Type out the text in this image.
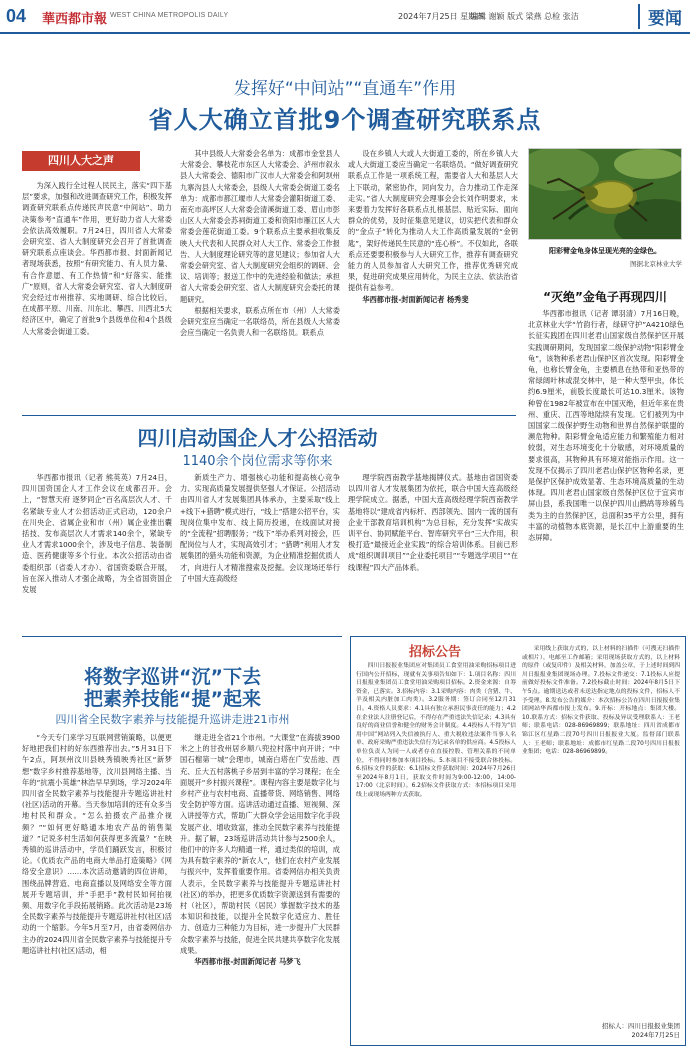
04 華西都市報 WEST CHINA METROPOLIS DAILY	2024年7月25日 星期四
编辑 谢颖 版式 梁燕 总检 张洁	要闻
发挥好“中间站”“直通车”作用
省人大确立首批9个调查研究联系点
四川人大之声

为深入践行全过程人民民主，落实“四下基层”要求，加强和改进调查研究工作，积极发挥调查研究联系点传递民声民意“中间站”、助力决策参考“直通车”作用，更好助力省人大常委会依法高效履职。7月24日，四川省人大常委会研究室、省人大制度研究会召开了首批调查研究联系点座谈会。华西都市报、封面新闻记者现场获悉，按照“有研究能力、有人员力量、有合作意愿、有工作热情”和“好落实、能推广”原则，省人大常委会研究室、省人大制度研究会经过市州推荐、实地调研、综合比较后，在成都平原、川南、川东北、攀西、川西北5大经济区中，确定了首批9个县级单位和4个县级人大常委会街道工委。

其中县级人大常委会名单为：成都市金堂县人大常委会、攀枝花市东区人大常委会、泸州市叙永县人大常委会、德阳市广汉市人大常委会和阿坝州九寨沟县人大常委会，县级人大常委会街道工委名单为：成都市都江堰市人大常委会灌阳街道工委、南充市高坪区人大常委会清溪街道工委、眉山市彭山区人大常委会苏祠街道工委和资阳市雁江区人大常委会莲花街道工委。9个联系点主要承担收集反映人大代表和人民群众对人大工作、常委会工作报告、人大制度理论研究等的意见建议；参加省人大常委会研究室、省人大制度研究会组织的调研、会议、培训等；报送工作中的先进经验和做法；承担省人大常委会研究室、省人大制度研究会委托的课题研究。

根据相关要求，联系点所在市（州）人大常委会研究室应当确定一名联络员，所在县级人大常委会应当确定一名负责人和一名联络员。联系点

设在乡镇人大或人大街道工委的，所在乡镇人大或人大街道工委应当确定一名联络员。“做好调查研究联系点工作是一项系统工程，需要省人大和基层人大上下联动，紧密协作，同向发力，合力推动工作走深走实。”省人大制度研究会理事会会长刘作明要求，未来要着力发挥好各联系点扎根基层、贴近实际、面向群众的优势，及时征集意见建议，切实把代表和群众的“金点子”转化为推动人大工作高质量发展的“金钥匙”，架好传递民生民意的“连心桥”。不仅如此，各联系点还要要积极参与人大研究工作，推荐有调查研究能力的人员参加省人大研究工作，推荐优秀研究成果，促进研究成果应用转化，为民主立法、依法治省提供有益参考。

华西都市报-封面新闻记者 杨秀斐

阳彩臂金龟身体呈现光亮的金绿色。
图据北京林业大学
“灭绝”金龟子再现四川

华西都市报讯（记者 谭羽清）7月16日晚，北京林业大学“竹韵行者，绿研守护”A4210绿色长征实践团在四川老君山国家级自然保护区开展实践调研期间，发现国家二级保护动物“阳彩臂金龟”，该物种系老君山保护区首次发现。阳彩臂金龟，也称长臂金龟，主要栖息在热带和亚热带的常绿阔叶林或混交林中，是一种大型甲虫，体长约6.9厘米，前股长度最长可达10.3厘米。该物种曾在1982年被宣布在中国灭绝，但近年来在贵州、重庆、江西等地陆续有发现。它们被列为中国国家二级保护野生动物和世界自然保护联盟的濒危物种。阳彩臂金龟适应能力和繁殖能力相对较弱，对生态环境变化十分敏感，对环境质量的要求很高，其物种具有环境对能指示作用。这一发现不仅揭示了四川老君山保护区物种名录，更是保护区保护成效显著、生态环境高质量的生动体现。四川老君山国家级自然保护区位于宜宾市屏山县，系我国唯一以保护四川山鹧鸪等珍稀鸟类为主的自然保护区，总面积35平方公里，拥有丰富的动植物本底资源，是长江中上游重要的生态屏障。

四川启动国企人才公招活动
1140余个岗位需求等你来

华西都市报讯（记者 熊英英）7月24日，四川国资国企人才工作会议在成都召开。会上，“智慧天府 逐梦同企”百名高层次人才、千名紧缺专业人才公招活动正式启动，120余户在川央企、省属企业和市（州）属企业推出囊括技、发布高层次人才需求140余个，紧缺专业人才需求1000余个，涉及电子信息、装备制造、医药健康等多个行业。本次公招活动由省委组织部（省委人才办）、省国资委联合开展，旨在深入推动人才强企战略，为全省国资国企发展

新质生产力、增强核心功能和提高核心竞争力、实现高质量发展提供坚强人才保证。公招活动由四川省人才发展集团具体承办，主要采取“线上+线下+猎聘”模式进行，“线上”搭建公招平台，实现岗位集中发布、线上简历投递，在线面试对接的“全流程”招聘服务；“线下”举办系列对接会，匹配岗位与人才，实现高效引才；“猎聘”利用人才发展集团的猎头功能和资源，为企业精准挖掘优质人才，向进行人才精准搜索及挖掘。会议现场还举行了中国大连高级经

理学院西南教学基地揭牌仪式。基地由省国资委以四川省人才发展集团为依托，联合中国大连高级经理学院成立。据悉，中国大连高级经理学院西南教学基地将以“建成省内标杆、西部领先、国内一流的国有企业干部教育培训机构”为总目标，充分发挥“实战实训平台、协同赋能平台、智库研究平台”三大作用，积极打造“最接近企业实践”的综合培训体系。目前已形成“组织调训项目”“企业委托项目”“专题选学项目”“在线课程”四大产品体系。

将数字巡讲“沉”下去
把素养技能“提”起来
四川省全民数字素养与技能提升巡讲走进21市州

“今天专门来学习互联网营销策略，以便更好地把我们村的好东西推荐出去。”5月31日下午2点，阿坝州汶川县映秀镇映秀社区“新梦想”数字乡村推荐基地等，汶川县网络主播、当年的“抗震小英雄”林浩早早到场，学习2024年四川省全民数字素养与技能提升专题巡讲社村(社区)活动的开幕。当天参加培训的还有众多当地村民和群众。“怎么拍摄农产品推介视频？”“如何更好略通本地农产品的销售渠道？”记说多村生活如何获得更多流量？”在映秀镇的巡讲活动中，学员们踊跃发言，积极讨论。《优质农产品的电商大单品打造策略》《网络安全意识》……本次活动邀请的四位讲师，围绕品牌营造、电商直播以及网络安全等方面展开专题培训，并“手把手”教村民如何拍视频、用数字化手段拓展销路。此次活动是23场全民数字素养与技能提升专题巡讲社村(社区)活动的一个缩影。今年5月至7月，由省委网信办主办的2024四川省全民数字素养与技能提升专题巡讲社村(社区)活动，相

继走进全省21个市州。“大课堂”在海拔3900米之上的甘孜州居乡顺八兜拉村落中向开讲；“中国石榴第一城”会理市，城南白塔在广安岳池、西充、丘大五村落桃子乡居到丰富的学习课程；在全面展开“乡村振兴课程”。课程内容主要是数字化与乡村产业与农村电商、直播带货、网络销售、网络安全防护等方面。巡讲活动通过直播、短视频、深入讲授等方式，帮助广大群众学会运用数字化手段发展产业、增收致富，推动全民数字素养与技能提升。据了解，23场巡讲活动共计参与2500余人，他们中的许多人均精通一样，通过类似的培训，成为具有数字素养的“新农人”，他们在农村产业发展与振兴中，发挥着重要作用。省委网信办相关负责人表示，全民数字素养与技能提升专题巡讲社村(社区)的举办，把更多优质数字资源送到有需要的村（社区），帮助村民（居民）掌握数字技术的基本知识和技能，以提升全民数字化适应力、胜任力、创造力三种能力为目标，进一步提升广大民群众数字素养与技能，促进全民共建共享数字化发展成果。

华西都市报-封面新闻记者 马梦飞

招标公告

四川日报报业集团应对集团员工食堂用油采购招标项目进行国内公开招标，现就有关事项告知如下：1.项目名称：四川日报报业集团员工食堂用油采购项目招标。2.资金来源：自筹资金，已落实。3.招标内容：3.1采购内容：肉类（含猪、牛、羊及相关内脏加工肉类）。3.2服务期：签订合同至12月31日。4.资格人员要求：4.1具有独立承担民事责任的能力；4.2在企业法人注册登记后，不得存在严重违法失信记录；4.3具有良好的商业信誉和健全的财务会计制度。4.4投标人不得为“信用中国”网站列入失信被执行人、重大税收违法案件当事人名单、政府采购严重违法失信行为记录名单的供应商。4.5投标人单位负责人为同一人或者存在直接控股、管理关系的不同单位，不得同时参加本项目投标。5.本项目不接受联合体投标。6.招标文件的获取：6.1招标文件获取时间：2024年7月26日至2024年8月1日，获取文件时间为9:00-12:00，14:00-17:00（北京时间）。6.2招标文件获取方式：本招标项目采用线上或现场两种方式获取。

采用线上获取方式的，以上材料的扫描件（可搜无扫描件或相片），电邮至工作邮箱；采用现场获取方式的，以上材料的原件（或复印件）及相关材料，加盖公章，于上述时间到四川日报报业集团现场办理。7.投标文件递交：7.1投标人应提前做好投标文件准备。7.2投标截止时间：2024年8月5日下午5点。逾期送达或者未送达指定地点的投标文件，招标人不予受理。8.发布公告的媒介：本次招标公告在四川日报报业集团网站华西都市报上发布。9.开标：开标地点：集团大楼。10.联系方式：招标文件获取、投标及异议受理联系人：王老师；联系电话：028-86969899；联系地址：四川省成都市锦江区红星路二段70号四川日报报业大厦。监督部门联系人：王老师；联系地址：成都市红星路二段70号四川日报报业集团；电话：028-86969899。

招标人：四川日报报业集团
2024年7月25日
